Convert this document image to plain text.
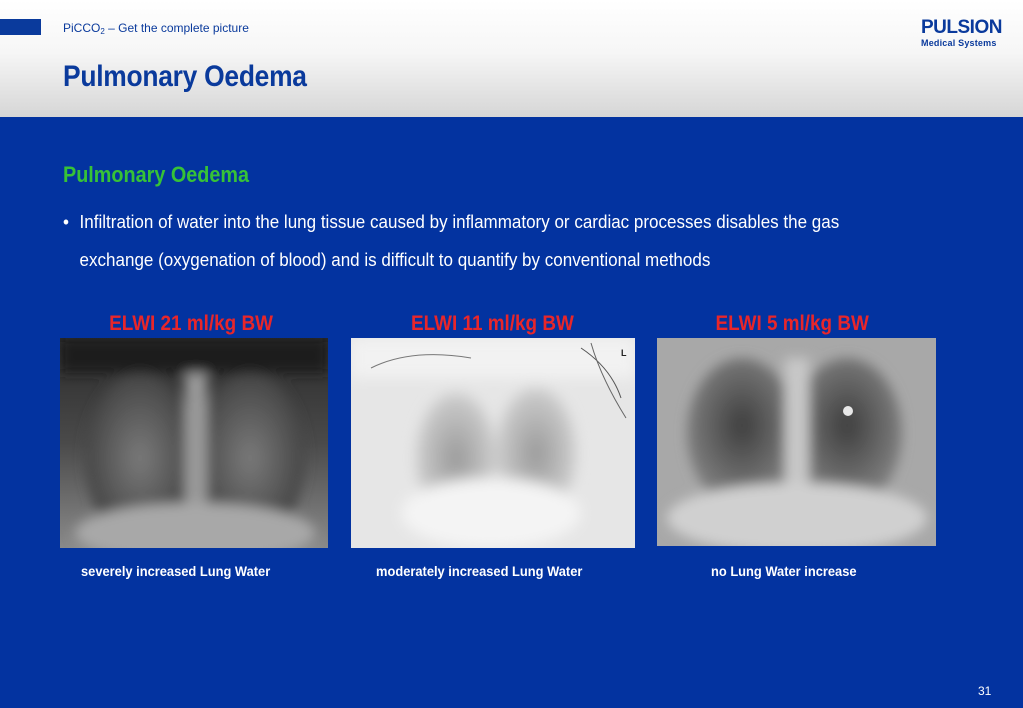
PiCCO$_2$ – Get the complete picture
Pulmonary Oedema
PULSION
Medical Systems
Pulmonary Oedema
• Infiltration of water into the lung tissue caused by inflammatory or cardiac processes disables the gas exchange (oxygenation of blood) and is difficult to quantify by conventional methods
ELWI 21 ml/kg BW
severely increased Lung Water
ELWI 11 ml/kg BW
L
moderately increased Lung Water
ELWI 5 ml/kg BW
no Lung Water increase
31
